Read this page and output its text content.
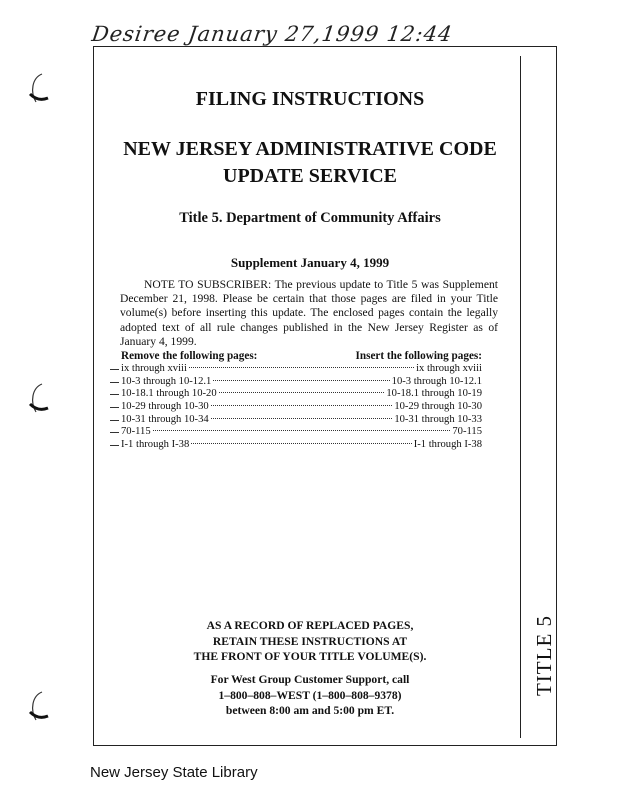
Desiree January 27,1999 12:44
TITLE 5
FILING INSTRUCTIONS
NEW JERSEY ADMINISTRATIVE CODE
UPDATE SERVICE
Title 5. Department of Community Affairs
Supplement January 4, 1999
NOTE TO SUBSCRIBER: The previous update to Title 5 was Supplement December 21, 1998. Please be certain that those pages are filed in your Title volume(s) before inserting this update. The enclosed pages contain the legally adopted text of all rule changes published in the New Jersey Register as of January 4, 1999.
Remove the following pages:	Insert the following pages:
ix through xviii	ix through xviii
10-3 through 10-12.1	10-3 through 10-12.1
10-18.1 through 10-20	10-18.1 through 10-19
10-29 through 10-30	10-29 through 10-30
10-31 through 10-34	10-31 through 10-33
70-115	70-115
I-1 through I-38	I-1 through I-38
AS A RECORD OF REPLACED PAGES,
RETAIN THESE INSTRUCTIONS AT
THE FRONT OF YOUR TITLE VOLUME(S).
For West Group Customer Support, call
1–800–808–WEST (1–800–808–9378)
between 8:00 am and 5:00 pm ET.
New Jersey State Library
